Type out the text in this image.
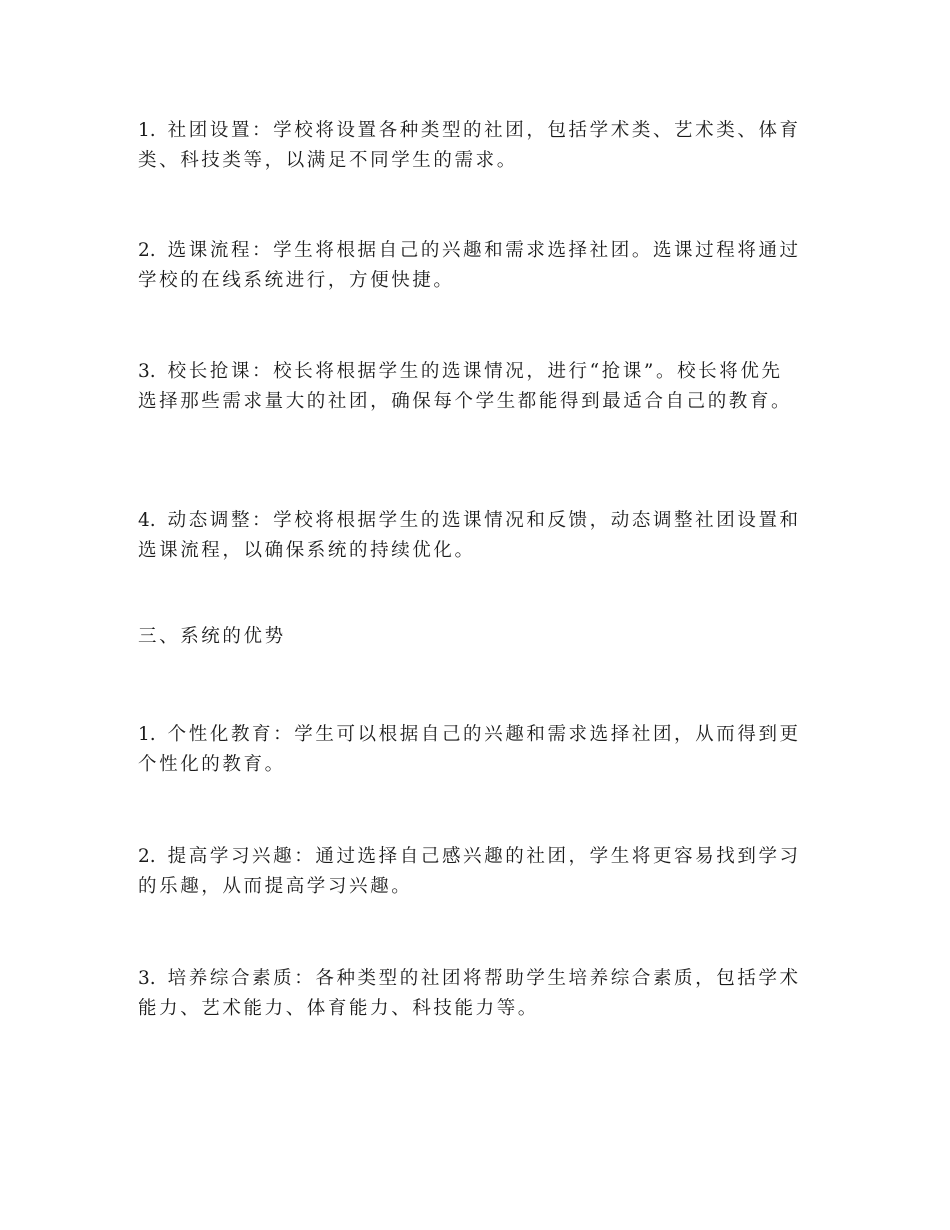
1. 社团设置：学校将设置各种类型的社团，包括学术类、艺术类、体育类、科技类等，以满足不同学生的需求。

2. 选课流程：学生将根据自己的兴趣和需求选择社团。选课过程将通过学校的在线系统进行，方便快捷。

3. 校长抢课：校长将根据学生的选课情况，进行“抢课”。校长将优先选择那些需求量大的社团，确保每个学生都能得到最适合自己的教育。

4. 动态调整：学校将根据学生的选课情况和反馈，动态调整社团设置和选课流程，以确保系统的持续优化。

三、系统的优势

1. 个性化教育：学生可以根据自己的兴趣和需求选择社团，从而得到更个性化的教育。

2. 提高学习兴趣：通过选择自己感兴趣的社团，学生将更容易找到学习的乐趣，从而提高学习兴趣。

3. 培养综合素质：各种类型的社团将帮助学生培养综合素质，包括学术能力、艺术能力、体育能力、科技能力等。
